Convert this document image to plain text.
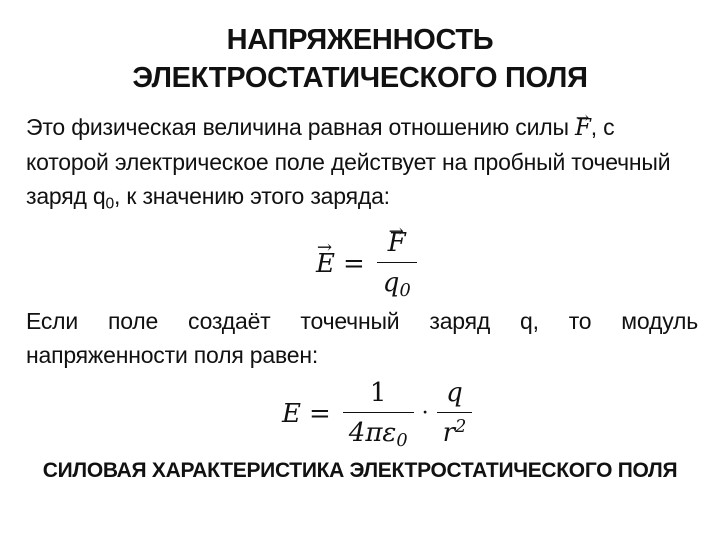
НАПРЯЖЕННОСТЬ
ЭЛЕКТРОСТАТИЧЕСКОГО ПОЛЯ
Это физическая величина равная отношению силы → F, с которой электрическое поле действует на пробный точечный заряд $q_0$, к значению этого заряда:
→ E =
→ $\frac{F}{q_0}$
Если поле создаёт точечный заряд q, то модуль напряженности поля равен:
$E = \frac{1}{4\pi\varepsilon_0} \cdot \frac{q}{r^2}$
СИЛОВАЯ ХАРАКТЕРИСТИКА ЭЛЕКТРОСТАТИЧЕСКОГО ПОЛЯ
